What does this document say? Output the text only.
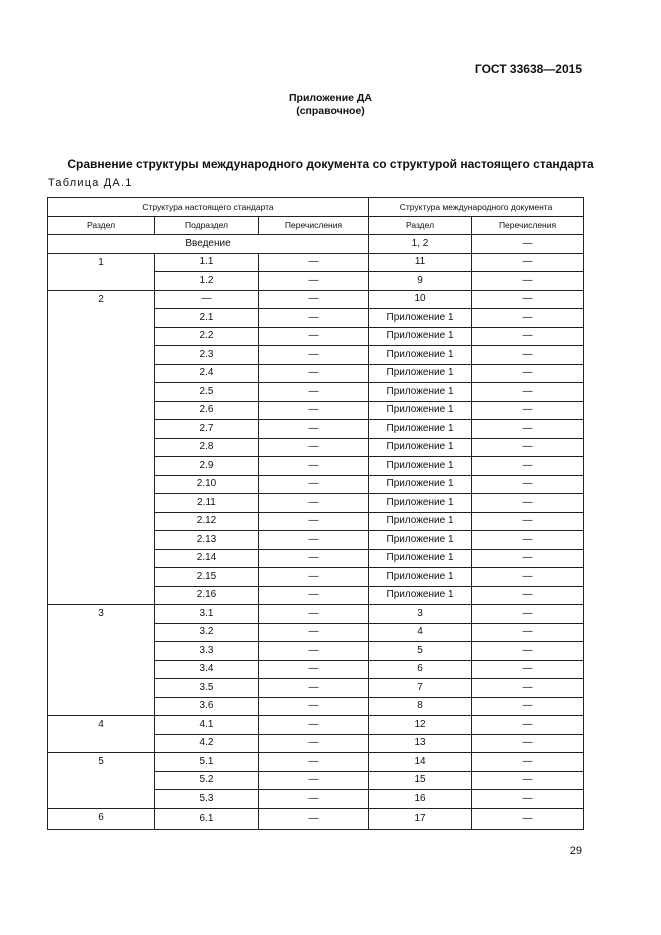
ГОСТ 33638—2015
Приложение ДА
(справочное)
Сравнение структуры международного документа со структурой настоящего стандарта
Таблица ДА.1
Структура настоящего стандарта			Структура международного документа	
Раздел	Подраздел	Перечисления	Раздел	Перечисления
Введение			1, 2	—
1	1.1	—	11	—
	1.2	—	9	—
2	—	—	10	—
	2.1	—	Приложение 1	—
	2.2	—	Приложение 1	—
	2.3	—	Приложение 1	—
	2.4	—	Приложение 1	—
	2.5	—	Приложение 1	—
	2.6	—	Приложение 1	—
	2.7	—	Приложение 1	—
	2.8	—	Приложение 1	—
	2.9	—	Приложение 1	—
	2.10	—	Приложение 1	—
	2.11	—	Приложение 1	—
	2.12	—	Приложение 1	—
	2.13	—	Приложение 1	—
	2.14	—	Приложение 1	—
	2.15	—	Приложение 1	—
	2.16	—	Приложение 1	—
3	3.1	—	3	—
	3.2	—	4	—
	3.3	—	5	—
	3.4	—	6	—
	3.5	—	7	—
	3.6	—	8	—
4	4.1	—	12	—
	4.2	—	13	—
5	5.1	—	14	—
	5.2	—	15	—
	5.3	—	16	—
6	6.1	—	17	—
29
